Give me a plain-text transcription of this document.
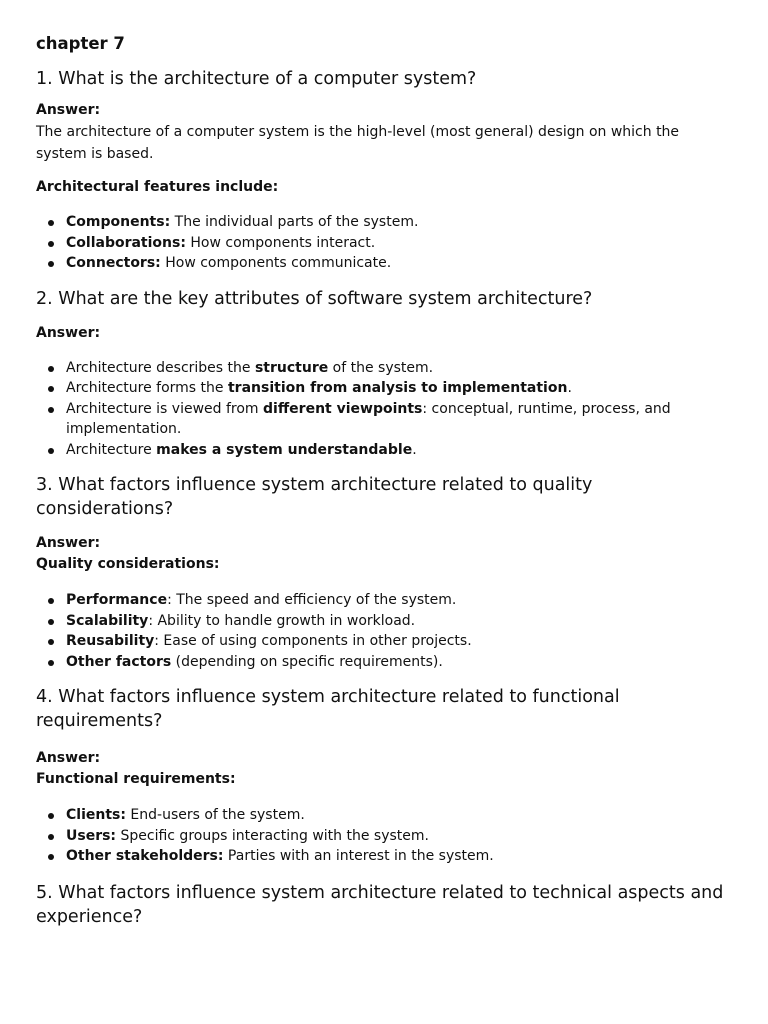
chapter 7
1. What is the architecture of a computer system?
Answer:
The architecture of a computer system is the high-level (most general) design on which the system is based.
Architectural features include:
Components: The individual parts of the system.
Collaborations: How components interact.
Connectors: How components communicate.
2. What are the key attributes of software system architecture?
Answer:
Architecture describes the structure of the system.
Architecture forms the transition from analysis to implementation.
Architecture is viewed from different viewpoints: conceptual, runtime, process, and implementation.
Architecture makes a system understandable.
3. What factors influence system architecture related to quality considerations?
Answer:
Quality considerations:
Performance: The speed and efficiency of the system.
Scalability: Ability to handle growth in workload.
Reusability: Ease of using components in other projects.
Other factors (depending on specific requirements).
4. What factors influence system architecture related to functional requirements?
Answer:
Functional requirements:
Clients: End-users of the system.
Users: Specific groups interacting with the system.
Other stakeholders: Parties with an interest in the system.
5. What factors influence system architecture related to technical aspects and experience?
